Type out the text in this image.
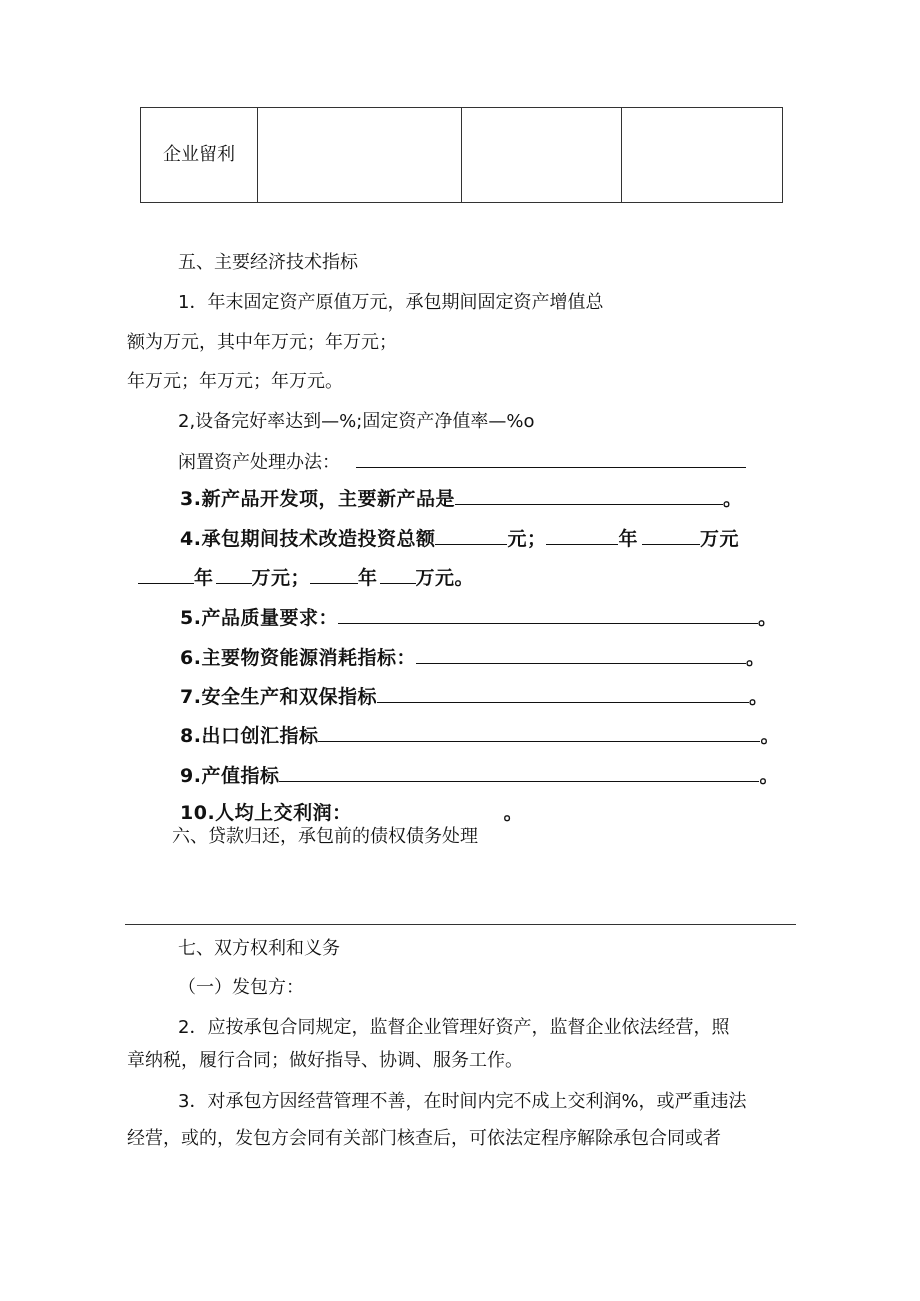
企业留利			
五、主要经济技术指标
1．年末固定资产原值万元，承包期间固定资产增值总
额为万元，其中年万元；年万元；
年万元；年万元；年万元。
2,设备完好率达到—%;固定资产净值率—%o
闲置资产处理办法：
3.新产品开发项，主要新产品是	。
4.承包期间技术改造投资总额	元；	年	万元
年 万元；	年 万元。
5.产品质量要求：	。
6.主要物资能源消耗指标：	。
7.安全生产和双保指标	。
8.出口创汇指标	。
9.产值指标	。
10.人均上交利润：	。
六、贷款归还，承包前的债权债务处理
七、双方权利和义务
（一）发包方：
2．应按承包合同规定，监督企业管理好资产，监督企业依法经营，照
章纳税，履行合同；做好指导、协调、服务工作。
3．对承包方因经营管理不善，在时间内完不成上交利润%，或严重违法
经营，或的，发包方会同有关部门核查后，可依法定程序解除承包合同或者
